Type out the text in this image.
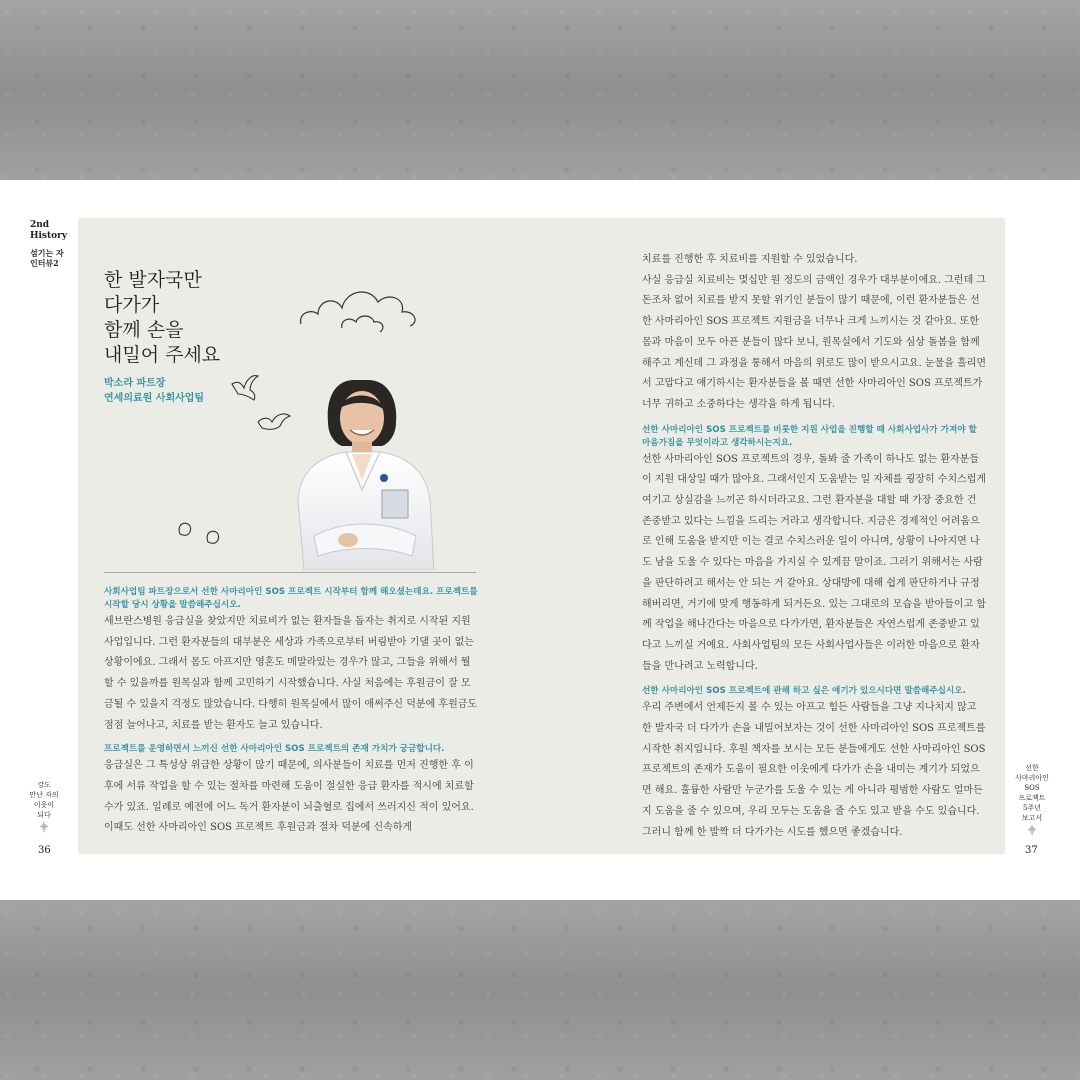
2nd
History
섬기는 자
인터뷰2
강도
만난 자의
이웃이
되다
⸎
36
선한
사마리아인
SOS
프로젝트
5주년
보고서
⸎
37
한 발자국만
다가가
함께 손을
내밀어 주세요
박소라 파트장
연세의료원 사회사업팀

사회사업팀 파트장으로서 선한 사마리아인 SOS 프로젝트 시작부터 함께 해오셨는데요. 프로젝트를 시작할 당시 상황을 말씀해주십시오.

세브란스병원 응급실을 찾았지만 치료비가 없는 환자들을 돕자는 취지로 시작된 지원 사업입니다. 그런 환자분들의 대부분은 세상과 가족으로부터 버림받아 기댈 곳이 없는 상황이에요. 그래서 몸도 아프지만 영혼도 메말라있는 경우가 많고, 그들을 위해서 뭘 할 수 있을까를 원목실과 함께 고민하기 시작했습니다. 사실 처음에는 후원금이 잘 모금될 수 있을지 걱정도 많았습니다. 다행히 원목실에서 많이 애써주신 덕분에 후원금도 점점 늘어나고, 치료를 받는 환자도 늘고 있습니다.

프로젝트를 운영하면서 느끼신 선한 사마리아인 SOS 프로젝트의 존재 가치가 궁금합니다.

응급실은 그 특성상 위급한 상황이 많기 때문에, 의사분들이 치료를 먼저 진행한 후 이후에 서류 작업을 할 수 있는 절차를 마련해 도움이 절실한 응급 환자를 적시에 치료할 수가 있죠. 일례로 예전에 어느 독거 환자분이 뇌출혈로 집에서 쓰러지신 적이 있어요. 이때도 선한 사마리아인 SOS 프로젝트 후원금과 절차 덕분에 신속하게

치료를 진행한 후 치료비를 지원할 수 있었습니다.
사실 응급실 치료비는 몇십만 원 정도의 금액인 경우가 대부분이에요. 그런데 그 돈조차 없어 치료를 받지 못할 위기인 분들이 많기 때문에, 이런 환자분들은 선한 사마리아인 SOS 프로젝트 지원금을 너무나 크게 느끼시는 것 같아요. 또한 몸과 마음이 모두 아픈 분들이 많다 보니, 원목실에서 기도와 심상 돌봄을 함께 해주고 계신데 그 과정을 통해서 마음의 위로도 많이 받으시고요. 눈물을 흘리면서 고맙다고 얘기하시는 환자분들을 볼 때면 선한 사마리아인 SOS 프로젝트가 너무 귀하고 소중하다는 생각을 하게 됩니다.

선한 사마리아인 SOS 프로젝트를 비롯한 지원 사업을 진행할 때 사회사업사가 가져야 할 마음가짐을 무엇이라고 생각하시는지요.

선한 사마리아인 SOS 프로젝트의 경우, 돌봐 줄 가족이 하나도 없는 환자분들이 지원 대상일 때가 많아요. 그래서인지 도움받는 일 자체를 굉장히 수치스럽게 여기고 상실감을 느끼곤 하시더라고요. 그런 환자분을 대할 때 가장 중요한 건 존중받고 있다는 느낌을 드리는 거라고 생각합니다. 지금은 경제적인 어려움으로 인해 도움을 받지만 이는 결코 수치스러운 일이 아니며, 상황이 나아지면 나도 남을 도울 수 있다는 마음을 가지실 수 있게끔 말이죠. 그러기 위해서는 사람을 판단하려고 해서는 안 되는 거 같아요. 상대방에 대해 쉽게 판단하거나 규정해버리면, 거기에 맞게 행동하게 되거든요. 있는 그대로의 모습을 받아들이고 함께 작업을 해나간다는 마음으로 다가가면, 환자분들은 자연스럽게 존중받고 있다고 느끼실 거예요. 사회사업팀의 모든 사회사업사들은 이러한 마음으로 환자들을 만나려고 노력합니다.

선한 사마리아인 SOS 프로젝트에 관해 하고 싶은 얘기가 있으시다면 말씀해주십시오.

우리 주변에서 언제든지 볼 수 있는 아프고 힘든 사람들을 그냥 지나치지 않고 한 발자국 더 다가가 손을 내밀어보자는 것이 선한 사마리아인 SOS 프로젝트를 시작한 취지입니다. 후원 책자를 보시는 모든 분들에게도 선한 사마리아인 SOS 프로젝트의 존재가 도움이 필요한 이웃에게 다가가 손을 내미는 계기가 되었으면 해요. 훌륭한 사람만 누군가를 도울 수 있는 게 아니라 평범한 사람도 얼마든지 도움을 줄 수 있으며, 우리 모두는 도움을 줄 수도 있고 받을 수도 있습니다. 그러니 함께 한 발짝 더 다가가는 시도를 했으면 좋겠습니다.
